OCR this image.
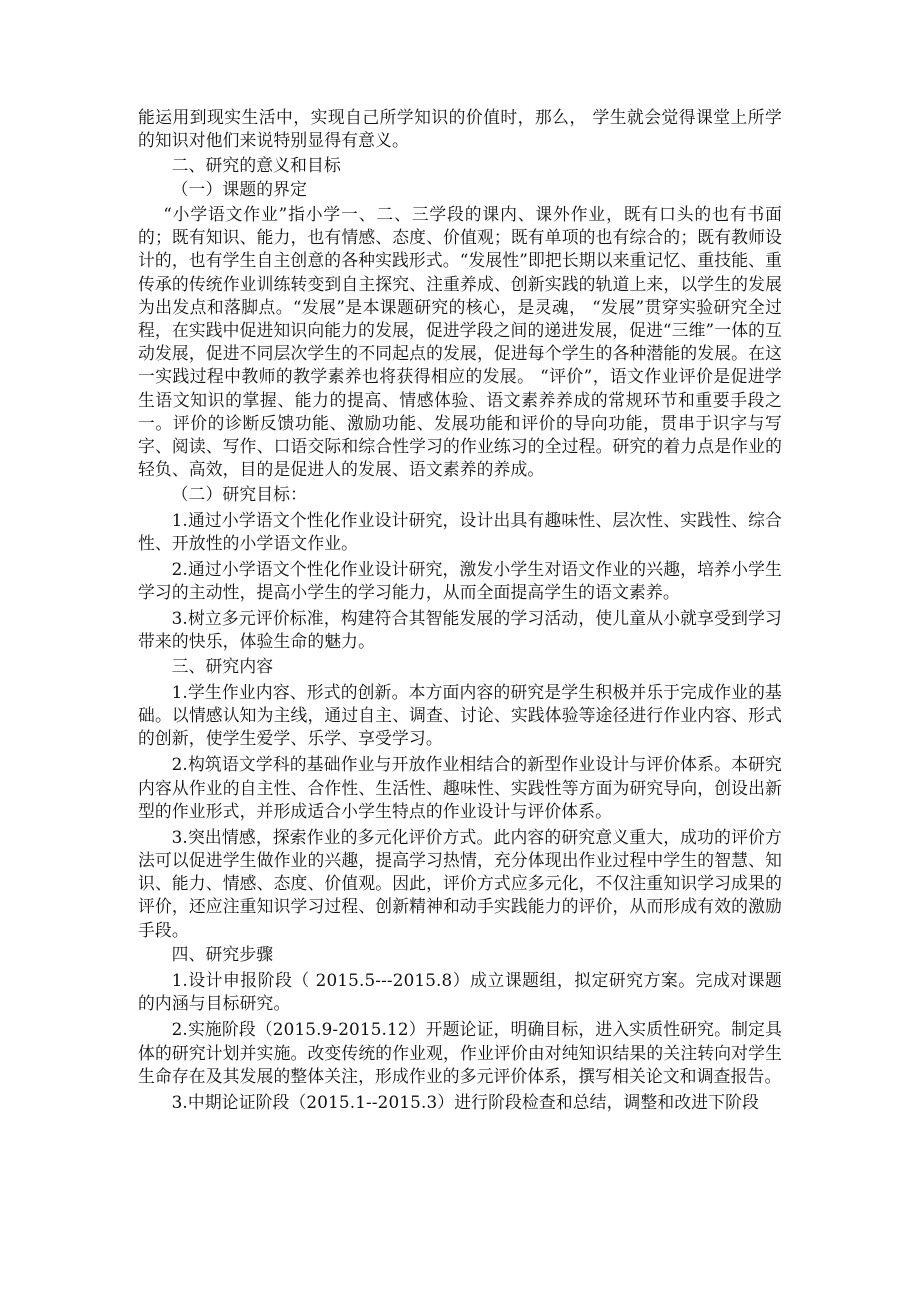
能运用到现实生活中，实现自己所学知识的价值时，那么， 学生就会觉得课堂上所学的知识对他们来说特别显得有意义。

二、研究的意义和目标

（一）课题的界定

“小学语文作业”指小学一、二、三学段的课内、课外作业，既有口头的也有书面的；既有知识、能力，也有情感、态度、价值观；既有单项的也有综合的；既有教师设计的，也有学生自主创意的各种实践形式。“发展性”即把长期以来重记忆、重技能、重传承的传统作业训练转变到自主探究、注重养成、创新实践的轨道上来，以学生的发展为出发点和落脚点。“发展”是本课题研究的核心，是灵魂， “发展”贯穿实验研究全过程，在实践中促进知识向能力的发展，促进学段之间的递进发展，促进“三维”一体的互动发展，促进不同层次学生的不同起点的发展，促进每个学生的各种潜能的发展。在这一实践过程中教师的教学素养也将获得相应的发展。 “评价”，语文作业评价是促进学生语文知识的掌握、能力的提高、情感体验、语文素养养成的常规环节和重要手段之一。评价的诊断反馈功能、激励功能、发展功能和评价的导向功能，贯串于识字与写字、阅读、写作、口语交际和综合性学习的作业练习的全过程。研究的着力点是作业的轻负、高效，目的是促进人的发展、语文素养的养成。

（二）研究目标：

1.通过小学语文个性化作业设计研究，设计出具有趣味性、层次性、实践性、综合性、开放性的小学语文作业。

2.通过小学语文个性化作业设计研究，激发小学生对语文作业的兴趣，培养小学生学习的主动性，提高小学生的学习能力，从而全面提高学生的语文素养。

3.树立多元评价标准，构建符合其智能发展的学习活动，使儿童从小就享受到学习带来的快乐，体验生命的魅力。

三、研究内容

1.学生作业内容、形式的创新。本方面内容的研究是学生积极并乐于完成作业的基础。以情感认知为主线，通过自主、调查、讨论、实践体验等途径进行作业内容、形式的创新，使学生爱学、乐学、享受学习。

2.构筑语文学科的基础作业与开放作业相结合的新型作业设计与评价体系。本研究内容从作业的自主性、合作性、生活性、趣味性、实践性等方面为研究导向，创设出新型的作业形式，并形成适合小学生特点的作业设计与评价体系。

3.突出情感，探索作业的多元化评价方式。此内容的研究意义重大，成功的评价方法可以促进学生做作业的兴趣，提高学习热情，充分体现出作业过程中学生的智慧、知识、能力、情感、态度、价值观。因此，评价方式应多元化，不仅注重知识学习成果的评价，还应注重知识学习过程、创新精神和动手实践能力的评价，从而形成有效的激励手段。

四、研究步骤

1.设计申报阶段（ 2015.5---2015.8）成立课题组，拟定研究方案。完成对课题的内涵与目标研究。

2.实施阶段（2015.9-2015.12）开题论证，明确目标，进入实质性研究。制定具体的研究计划并实施。改变传统的作业观，作业评价由对纯知识结果的关注转向对学生生命存在及其发展的整体关注，形成作业的多元评价体系，撰写相关论文和调查报告。

3.中期论证阶段（2015.1--2015.3）进行阶段检查和总结，调整和改进下阶段
